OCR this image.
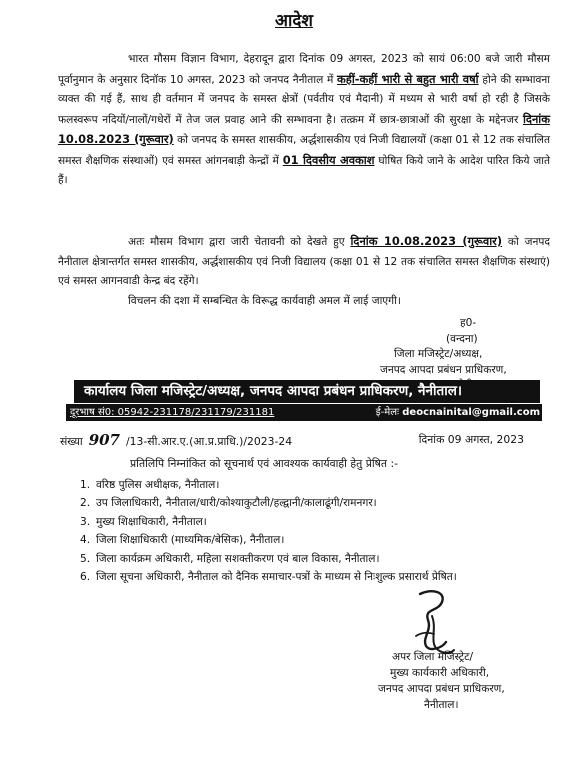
आदेश
भारत मौसम विज्ञान विभाग, देहरादून द्वारा दिनांक 09 अगस्त, 2023 को सायं 06:00 बजे जारी मौसम पूर्वानुमान के अनुसार दिनॉक 10 अगस्त, 2023 को जनपद नैनीताल में कहीं-कहीं भारी से बहुत भारी वर्षा होने की सम्भावना व्यक्त की गई हैं, साथ ही वर्तमान में जनपद के समस्त क्षेत्रों (पर्वतीय एवं मैदानी) में मध्यम से भारी वर्षा हो रही है जिसके फलस्वरूप नदियों/नालों/गधेरों में तेज जल प्रवाह आने की सम्भावना है। तत्क्रम में छात्र-छात्राओं की सुरक्षा के मद्देनजर दिनांक 10.08.2023 (गुरूवार) को जनपद के समस्त शासकीय, अर्द्धशासकीय एवं निजी विद्यालयों (कक्षा 01 से 12 तक संचालित समस्त शैक्षणिक संस्थाओं) एवं समस्त आंगनबाड़ी केन्द्रों में 01 दिवसीय अवकाश घोषित किये जाने के आदेश पारित किये जाते हैं।
अतः मौसम विभाग द्वारा जारी चेतावनी को देखते हुए दिनांक 10.08.2023 (गुरूवार) को जनपद नैनीताल क्षेत्रान्तर्गत समस्त शासकीय, अर्द्धशासकीय एवं निजी विद्यालय (कक्षा 01 से 12 तक संचालित समस्त शैक्षणिक संस्थाएं) एवं समस्त आगनवाडी केन्द्र बंद रहेंगे।
विचलन की दशा में सम्बन्धित के विरूद्ध कार्यवाही अमल में लाई जाएगी।
ह0-
(वन्दना)
जिला मजिस्ट्रेट/अध्यक्ष,
जनपद आपदा प्रबंधन प्राधिकरण,
कार्यालय जिला मजिस्ट्रेट/अध्यक्ष, जनपद आपदा प्रबंधन प्राधिकरण, नैनीताल।
दूरभाष सं0: 05942-231178/231179/231181	ई-मेलः deocnainital@gmail.com
संख्या 907 /13-सी.आर.ए.(आ.प्र.प्राधि.)/2023-24	दिनांक 09 अगस्त, 2023
प्रतिलिपि निम्नांकित को सूचनार्थ एवं आवश्यक कार्यवाही हेतु प्रेषित :-
1. वरिष्ठ पुलिस अधीक्षक, नैनीताल।
2. उप जिलाधिकारी, नैनीताल/धारी/कोश्याकुटौली/हल्द्वानी/कालाढूंगी/रामनगर।
3. मुख्य शिक्षाधिकारी, नैनीताल।
4. जिला शिक्षाधिकारी (माध्यमिक/बेसिक), नैनीताल।
5. जिला कार्यक्रम अधिकारी, महिला सशक्तीकरण एवं बाल विकास, नैनीताल।
6. जिला सूचना अधिकारी, नैनीताल को दैनिक समाचार-पत्रों के माध्यम से निःशुल्क प्रसारार्थ प्रेषित।
अपर जिला मजिस्ट्रेट/
मुख्य कार्यकारी अधिकारी,
जनपद आपदा प्रबंधन प्राधिकरण,
नैनीताल।
